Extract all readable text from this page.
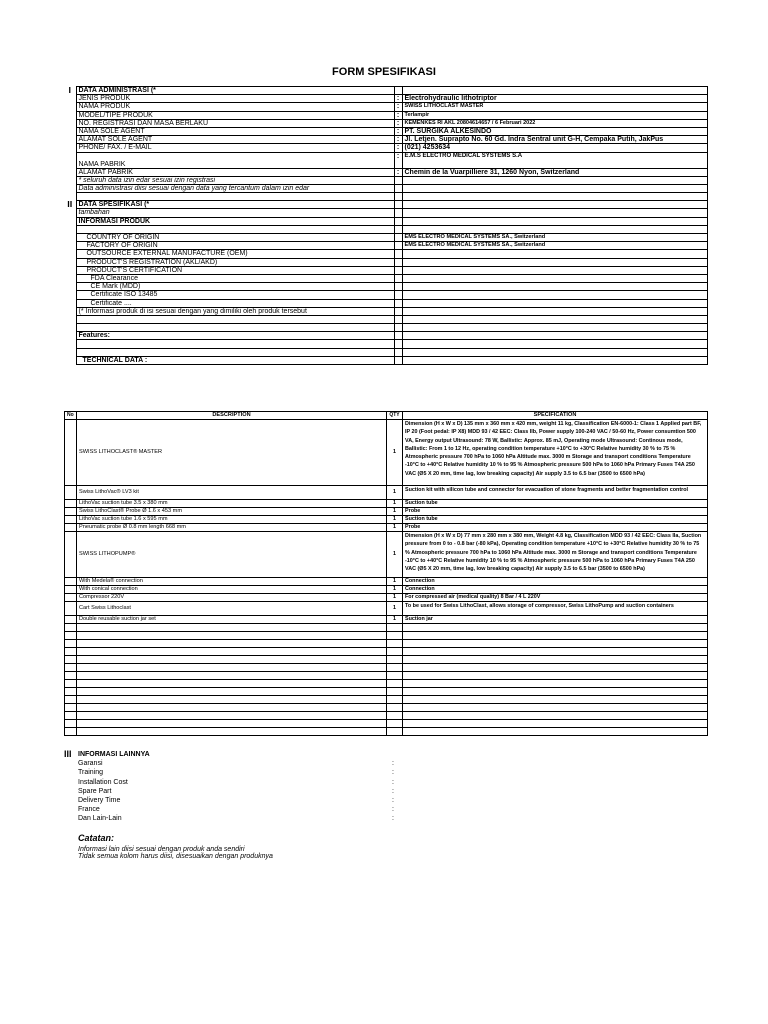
FORM SPESIFIKASI
I	DATA ADMINISTRASI (*		
	JENIS PRODUK	:	Electrohydraulic lithotriptor
	NAMA PRODUK	:	SWISS LITHOCLAST MASTER
	MODEL/TIPE PRODUK	:	Terlampir
	NO. REGISTRASI DAN MASA BERLAKU	:	KEMENKES RI AKL 20804614657 / 6 Februari 2022
	NAMA SOLE AGENT	:	PT. SURGIKA ALKESINDO
	ALAMAT SOLE AGENT	:	Jl. Letjen. Suprapto No. 60 Gd. Indra Sentral unit G-H, Cempaka Putih, JakPus
	PHONE/ FAX. / E-MAIL	:	(021) 4253634
	NAMA PABRIK	:	E.M.S ELECTRO MEDICAL SYSTEMS S.A
	ALAMAT PABRIK	:	Chemin de la Vuarpilliere 31, 1260 Nyon, Switzerland
	* seluruh data izin edar sesuai izin registrasi		
	Data administrasi diisi sesuai dengan data yang tercantum dalam izin edar		

II	DATA SPESIFIKASI (*		
	tambahan		
	INFORMASI PRODUK		

	COUNTRY OF ORIGIN		EMS ELECTRO MEDICAL SYSTEMS SA., Switzerland
	FACTORY OF ORIGIN		EMS ELECTRO MEDICAL SYSTEMS SA., Switzerland
	OUTSOURCE EXTERNAL MANUFACTURE (OEM)		
	PRODUCT'S REGISTRATION (AKL/AKD)		
	PRODUCT'S CERTIFICATION		
	FDA Clearance		
	CE Mark (MDD)		
	Certificate ISO 13485		
	Certificate ....		
	(* Informasi produk di isi sesuai dengan yang dimiliki oleh produk tersebut		

	Features:		

	TECHNICAL DATA :		
No	DESCRIPTION	QTY	SPECIFICATION
	SWISS LITHOCLAST® MASTER	1	Dimension (H x W x D) 135 mm x 360 mm x 420 mm, weight 11 kg, Classification EN-6000-1: Class 1 Applied part BF, IP 20 (Foot pedal: IP X8) MDD 93 / 42 EEC: Class IIb, Power supply 100-240 VAC / 50-60 Hz, Power consumtion 500 VA, Energy output Ultrasound: 78 W, Ballistic: Approx. 85 mJ, Operating mode Ultrasound: Continous mode, Ballistic: From 1 to 12 Hz, operating condition temperature +10°C to +30°C Relative humidity 30 % to 75 % Atmospheric pressure 700 hPa to 1060 hPa Altitude max. 3000 m Storage and transport conditions Temperature -10°C to +40°C Relative humidity 10 % to 95 % Atmospheric pressure 500 hPa to 1060 hPa Primary Fuses T4A 250 VAC (Ø5 X 20 mm, time lag, low breaking capacity) Air supply 3.5 to 6.5 bar (3500 to 6500 hPa)
	Swiss LithoVac® LV3 kit	1	Suction kit with silicon tube and connector for evacuation of stone fragments and better fragmentation control
	LithoVac suction tube 3.5 x 380 mm	1	Suction tube
	Swiss LithoClast® Probe Ø 1.6 x 453 mm	1	Probe
	LithoVac suction tube 1.6 x 595 mm	1	Suction tube
	Pneumatic probe Ø 0.8 mm length 668 mm	1	Probe
	SWISS LITHOPUMP®	1	Dimension (H x W x D) 77 mm x 280 mm x 380 mm, Weight 4.8 kg, Classification MDD 93 / 42 EEC: Class IIa, Suction pressure from 0 to - 0.8 bar (-80 kPa), Operating condition temperature +10°C to +30°C Relative humidity 30 % to 75 % Atmospheric pressure 700 hPa to 1060 hPa Altitude max. 3000 m Storage and transport conditions Temperature -10°C to +40°C Relative humidity 10 % to 95 % Atmospheric pressure 500 hPa to 1060 hPa Primary Fuses T4A 250 VAC (Ø5 X 20 mm, time lag, low breaking capacity) Air supply 3.5 to 6.5 bar (3500 to 6500 hPa)
	With Medela® connection	1	Connection
	With conical connection	1	Connection
	Compressor 220V	1	For compressed air (medical quality) 8 Bar / 4 L 220V
	Cart Swiss Lithoclast	1	To be used for Swiss LithoClast, allows storage of compressor, Swiss LithoPump and suction containers
	Double reusable suction jar set	1	Suction jar

III INFORMASI LAINNYA
Garansi	:
Training	:
Installation Cost	:
Spare Part	:
Delivery Time	:
France	:
Dan Lain-Lain	:
Catatan:
Informasi lain diisi sesuai dengan produk anda sendiri
Tidak semua kolom harus diisi, disesuaikan dengan produknya
